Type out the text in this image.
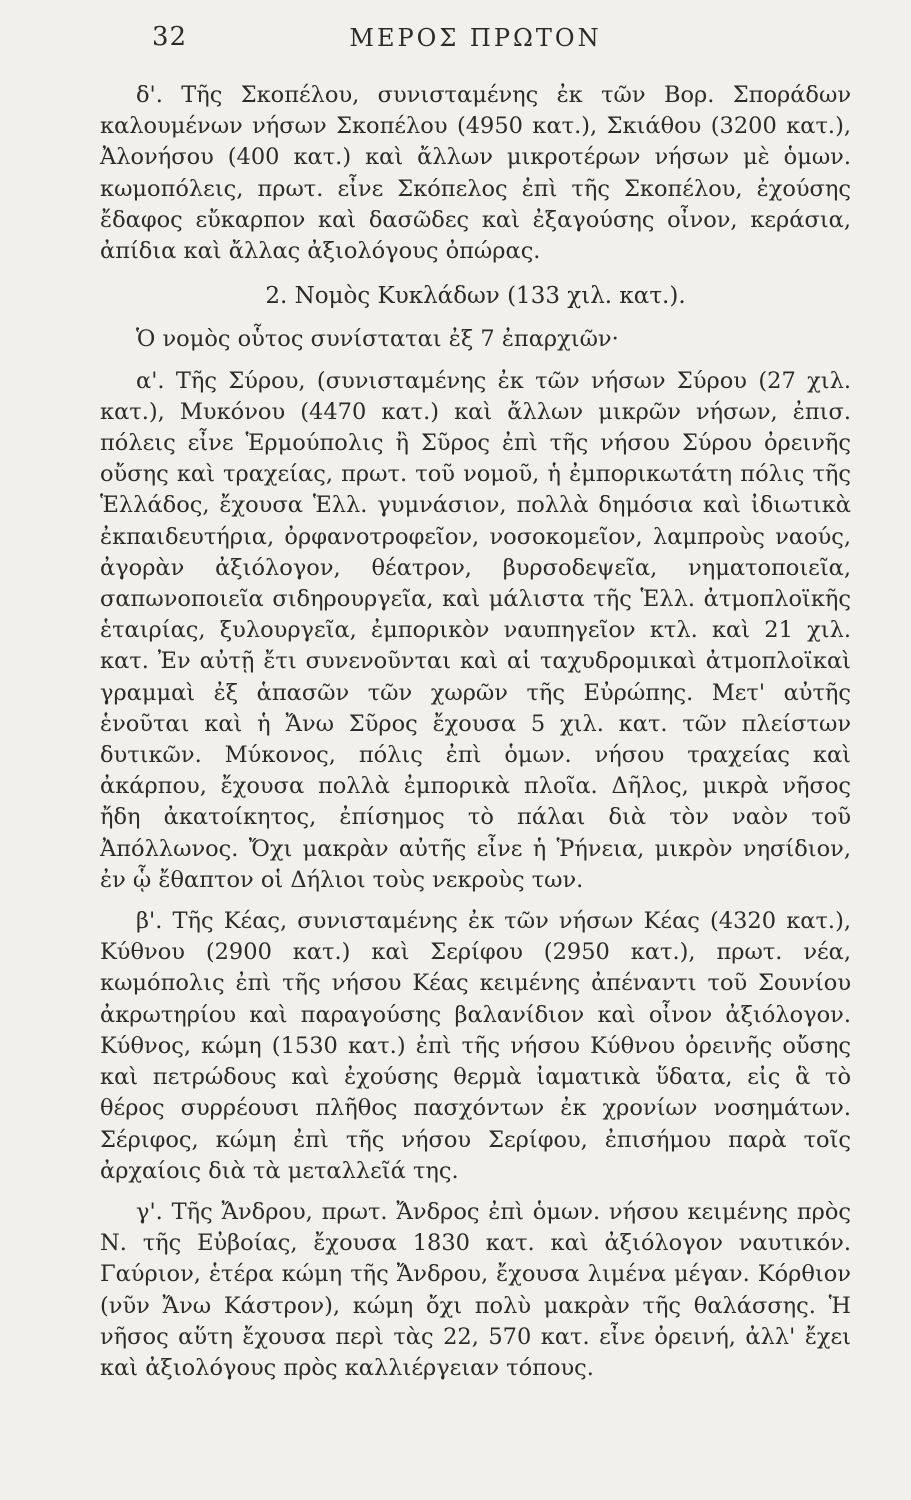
32	ΜΕΡΟΣ ΠΡΩΤΟΝ

δ'. Τῆς Σκοπέλου, συνισταμένης ἐκ τῶν Βορ. Σποράδων καλουμένων νήσων Σκοπέλου (4950 κατ.), Σκιάθου (3200 κατ.), Ἀλονήσου (400 κατ.) καὶ ἄλλων μικροτέρων νήσων μὲ ὁμων. κωμοπόλεις, πρωτ. εἶνε Σκόπελος ἐπὶ τῆς Σκοπέλου, ἐχούσης ἔδαφος εὔκαρπον καὶ δασῶδες καὶ ἐξαγούσης οἶνον, κεράσια, ἀπίδια καὶ ἄλλας ἀξιολόγους ὀπώρας.

2. Νομὸς Κυκλάδων (133 χιλ. κατ.).

Ὁ νομὸς οὗτος συνίσταται ἐξ 7 ἐπαρχιῶν·

α'. Τῆς Σύρου, (συνισταμένης ἐκ τῶν νήσων Σύρου (27 χιλ. κατ.), Μυκόνου (4470 κατ.) καὶ ἄλλων μικρῶν νήσων, ἐπισ. πόλεις εἶνε Ἑρμούπολις ἢ Σῦρος ἐπὶ τῆς νήσου Σύρου ὀρεινῆς οὔσης καὶ τραχείας, πρωτ. τοῦ νομοῦ, ἡ ἐμπορικωτάτη πόλις τῆς Ἑλλάδος, ἔχουσα Ἑλλ. γυμνάσιον, πολλὰ δημόσια καὶ ἰδιωτικὰ ἐκπαιδευτήρια, ὀρφανοτροφεῖον, νοσοκομεῖον, λαμπροὺς ναούς, ἀγορὰν ἀξιόλογον, θέατρον, βυρσοδεψεῖα, νηματοποιεῖα, σαπωνοποιεῖα σιδηρουργεῖα, καὶ μάλιστα τῆς Ἑλλ. ἀτμοπλοϊκῆς ἑταιρίας, ξυλουργεῖα, ἐμπορικὸν ναυπηγεῖον κτλ. καὶ 21 χιλ. κατ. Ἐν αὐτῇ ἔτι συνενοῦνται καὶ αἱ ταχυδρομικαὶ ἀτμοπλοϊκαὶ γραμμαὶ ἐξ ἁπασῶν τῶν χωρῶν τῆς Εὐρώπης. Μετ' αὐτῆς ἑνοῦται καὶ ἡ Ἄνω Σῦρος ἔχουσα 5 χιλ. κατ. τῶν πλείστων δυτικῶν. Μύκονος, πόλις ἐπὶ ὁμων. νήσου τραχείας καὶ ἀκάρπου, ἔχουσα πολλὰ ἐμπορικὰ πλοῖα. Δῆλος, μικρὰ νῆσος ἤδη ἀκατοίκητος, ἐπίσημος τὸ πάλαι διὰ τὸν ναὸν τοῦ Ἀπόλλωνος. Ὄχι μακρὰν αὐτῆς εἶνε ἡ Ῥήνεια, μικρὸν νησίδιον, ἐν ᾧ ἔθαπτον οἱ Δήλιοι τοὺς νεκροὺς των.

β'. Τῆς Κέας, συνισταμένης ἐκ τῶν νήσων Κέας (4320 κατ.), Κύθνου (2900 κατ.) καὶ Σερίφου (2950 κατ.), πρωτ. νέα, κωμόπολις ἐπὶ τῆς νήσου Κέας κειμένης ἀπέναντι τοῦ Σουνίου ἀκρωτηρίου καὶ παραγούσης βαλανίδιον καὶ οἶνον ἀξιόλογον. Κύθνος, κώμη (1530 κατ.) ἐπὶ τῆς νήσου Κύθνου ὀρεινῆς οὔσης καὶ πετρώδους καὶ ἐχούσης θερμὰ ἰαματικὰ ὕδατα, εἰς ἃ τὸ θέρος συρρέουσι πλῆθος πασχόντων ἐκ χρονίων νοσημάτων. Σέριφος, κώμη ἐπὶ τῆς νήσου Σερίφου, ἐπισήμου παρὰ τοῖς ἀρχαίοις διὰ τὰ μεταλλεῖά της.

γ'. Τῆς Ἄνδρου, πρωτ. Ἄνδρος ἐπὶ ὁμων. νήσου κειμένης πρὸς Ν. τῆς Εὐβοίας, ἔχουσα 1830 κατ. καὶ ἀξιόλογον ναυτικόν. Γαύριον, ἑτέρα κώμη τῆς Ἄνδρου, ἔχουσα λιμένα μέγαν. Κόρθιον (νῦν Ἄνω Κάστρον), κώμη ὄχι πολὺ μακρὰν τῆς θαλάσσης. Ἡ νῆσος αὕτη ἔχουσα περὶ τὰς 22, 570 κατ. εἶνε ὀρεινή, ἀλλ' ἔχει καὶ ἀξιολόγους πρὸς καλλιέργειαν τόπους.
